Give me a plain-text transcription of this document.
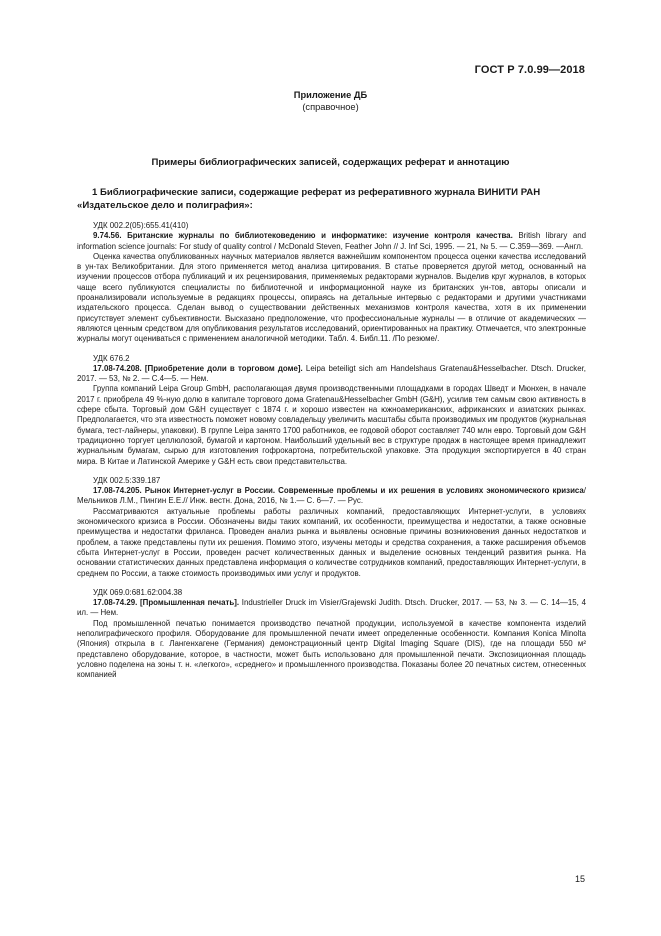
ГОСТ Р 7.0.99—2018
Приложение ДБ
(справочное)
Примеры библиографических записей, содержащих реферат и аннотацию
1 Библиографические записи, содержащие реферат из реферативного журнала ВИНИТИ РАН «Издательское дело и полиграфия»:
УДК 002.2(05):655.41(410)
9.74.56. Британские журналы по библиотековедению и информатике: изучение контроля качества. British library and information science journals: For study of quality control / McDonald Steven, Feather John // J. Inf Sci, 1995. — 21, № 5. — С.359—369. —Англ.
Оценка качества опубликованных научных материалов является важнейшим компонентом процесса оценки качества исследований в ун-тах Великобритании. Для этого применяется метод анализа цитирования. В статье проверяется другой метод, основанный на изучении процессов отбора публикаций и их рецензирования, применяемых редакторами журналов. Выделив круг журналов, в которых чаще всего публикуются специалисты по библиотечной и информационной науке из британских ун-тов, авторы описали и проанализировали используемые в редакциях процессы, опираясь на детальные интервью с редакторами и другими участниками издательского процесса. Сделан вывод о существовании действенных механизмов контроля качества, хотя в их применении присутствует элемент субъективности. Высказано предположение, что профессиональные журналы — в отличие от академических — являются ценным средством для опубликования результатов исследований, ориентированных на практику. Отмечается, что электронные журналы могут оцениваться с применением аналогичной методики. Табл. 4. Библ.11. /По резюме/.
УДК 676.2
17.08-74.208. [Приобретение доли в торговом доме]. Leipa beteiligt sich am Handelshaus Gratenau&Hesselbacher. Dtsch. Drucker, 2017. — 53, № 2. — С.4—5. — Нем.
Группа компаний Leipa Group GmbH, располагающая двумя производственными площадками в городах Шведт и Мюнхен, в начале 2017 г. приобрела 49 %-ную долю в капитале торгового дома Gratenau&Hesselbacher GmbH (G&H), усилив тем самым свою активность в сфере сбыта. Торговый дом G&H существует с 1874 г. и хорошо известен на южноамериканских, африканских и азиатских рынках. Предполагается, что эта известность поможет новому совладельцу увеличить масштабы сбыта производимых им продуктов (журнальная бумага, тест-лайнеры, упаковки). В группе Leipa занято 1700 работников, ее годовой оборот составляет 740 млн евро. Торговый дом G&H традиционно торгует целлюлозой, бумагой и картоном. Наибольший удельный вес в структуре продаж в настоящее время принадлежит журнальным бумагам, сырью для изготовления гофрокартона, потребительской упаковке. Эта продукция экспортируется в 40 стран мира. В Китае и Латинской Америке у G&H есть свои представительства.
УДК 002.5:339.187
17.08-74.205. Рынок Интернет-услуг в России. Современные проблемы и их решения в условиях экономического кризиса/Мельников Л.М., Пингин Е.Е.// Инж. вестн. Дона, 2016, № 1.— С. 6—7. — Рус.
Рассматриваются актуальные проблемы работы различных компаний, предоставляющих Интернет-услуги, в условиях экономического кризиса в России. Обозначены виды таких компаний, их особенности, преимущества и недостатки, а также основные преимущества и недостатки фриланса. Проведен анализ рынка и выявлены основные причины возникновения данных недостатков и проблем, а также представлены пути их решения. Помимо этого, изучены методы и средства сохранения, а также расширения объемов сбыта Интернет-услуг в России, проведен расчет количественных данных и выделение основных тенденций развития рынка. На основании статистических данных представлена информация о количестве сотрудников компаний, предоставляющих Интернет-услуги, в среднем по России, а также стоимость производимых ими услуг и продуктов.
УДК 069.0:681.62:004.38
17.08-74.29. [Промышленная печать]. Industrieller Druck im Visier/Grajewski Judith. Dtsch. Drucker, 2017. — 53, № 3. — С. 14—15, 4 ил. — Нем.
Под промышленной печатью понимается производство печатной продукции, используемой в качестве компонента изделий неполиграфического профиля. Оборудование для промышленной печати имеет определенные особенности. Компания Konica Minolta (Япония) открыла в г. Лангенхагене (Германия) демонстрационный центр Digital Imaging Square (DIS), где на площади 550 м² представлено оборудование, которое, в частности, может быть использовано для промышленной печати. Экспозиционная площадь условно поделена на зоны т. н. «легкого», «среднего» и промышленного производства. Показаны более 20 печатных систем, отнесенных компанией
15
